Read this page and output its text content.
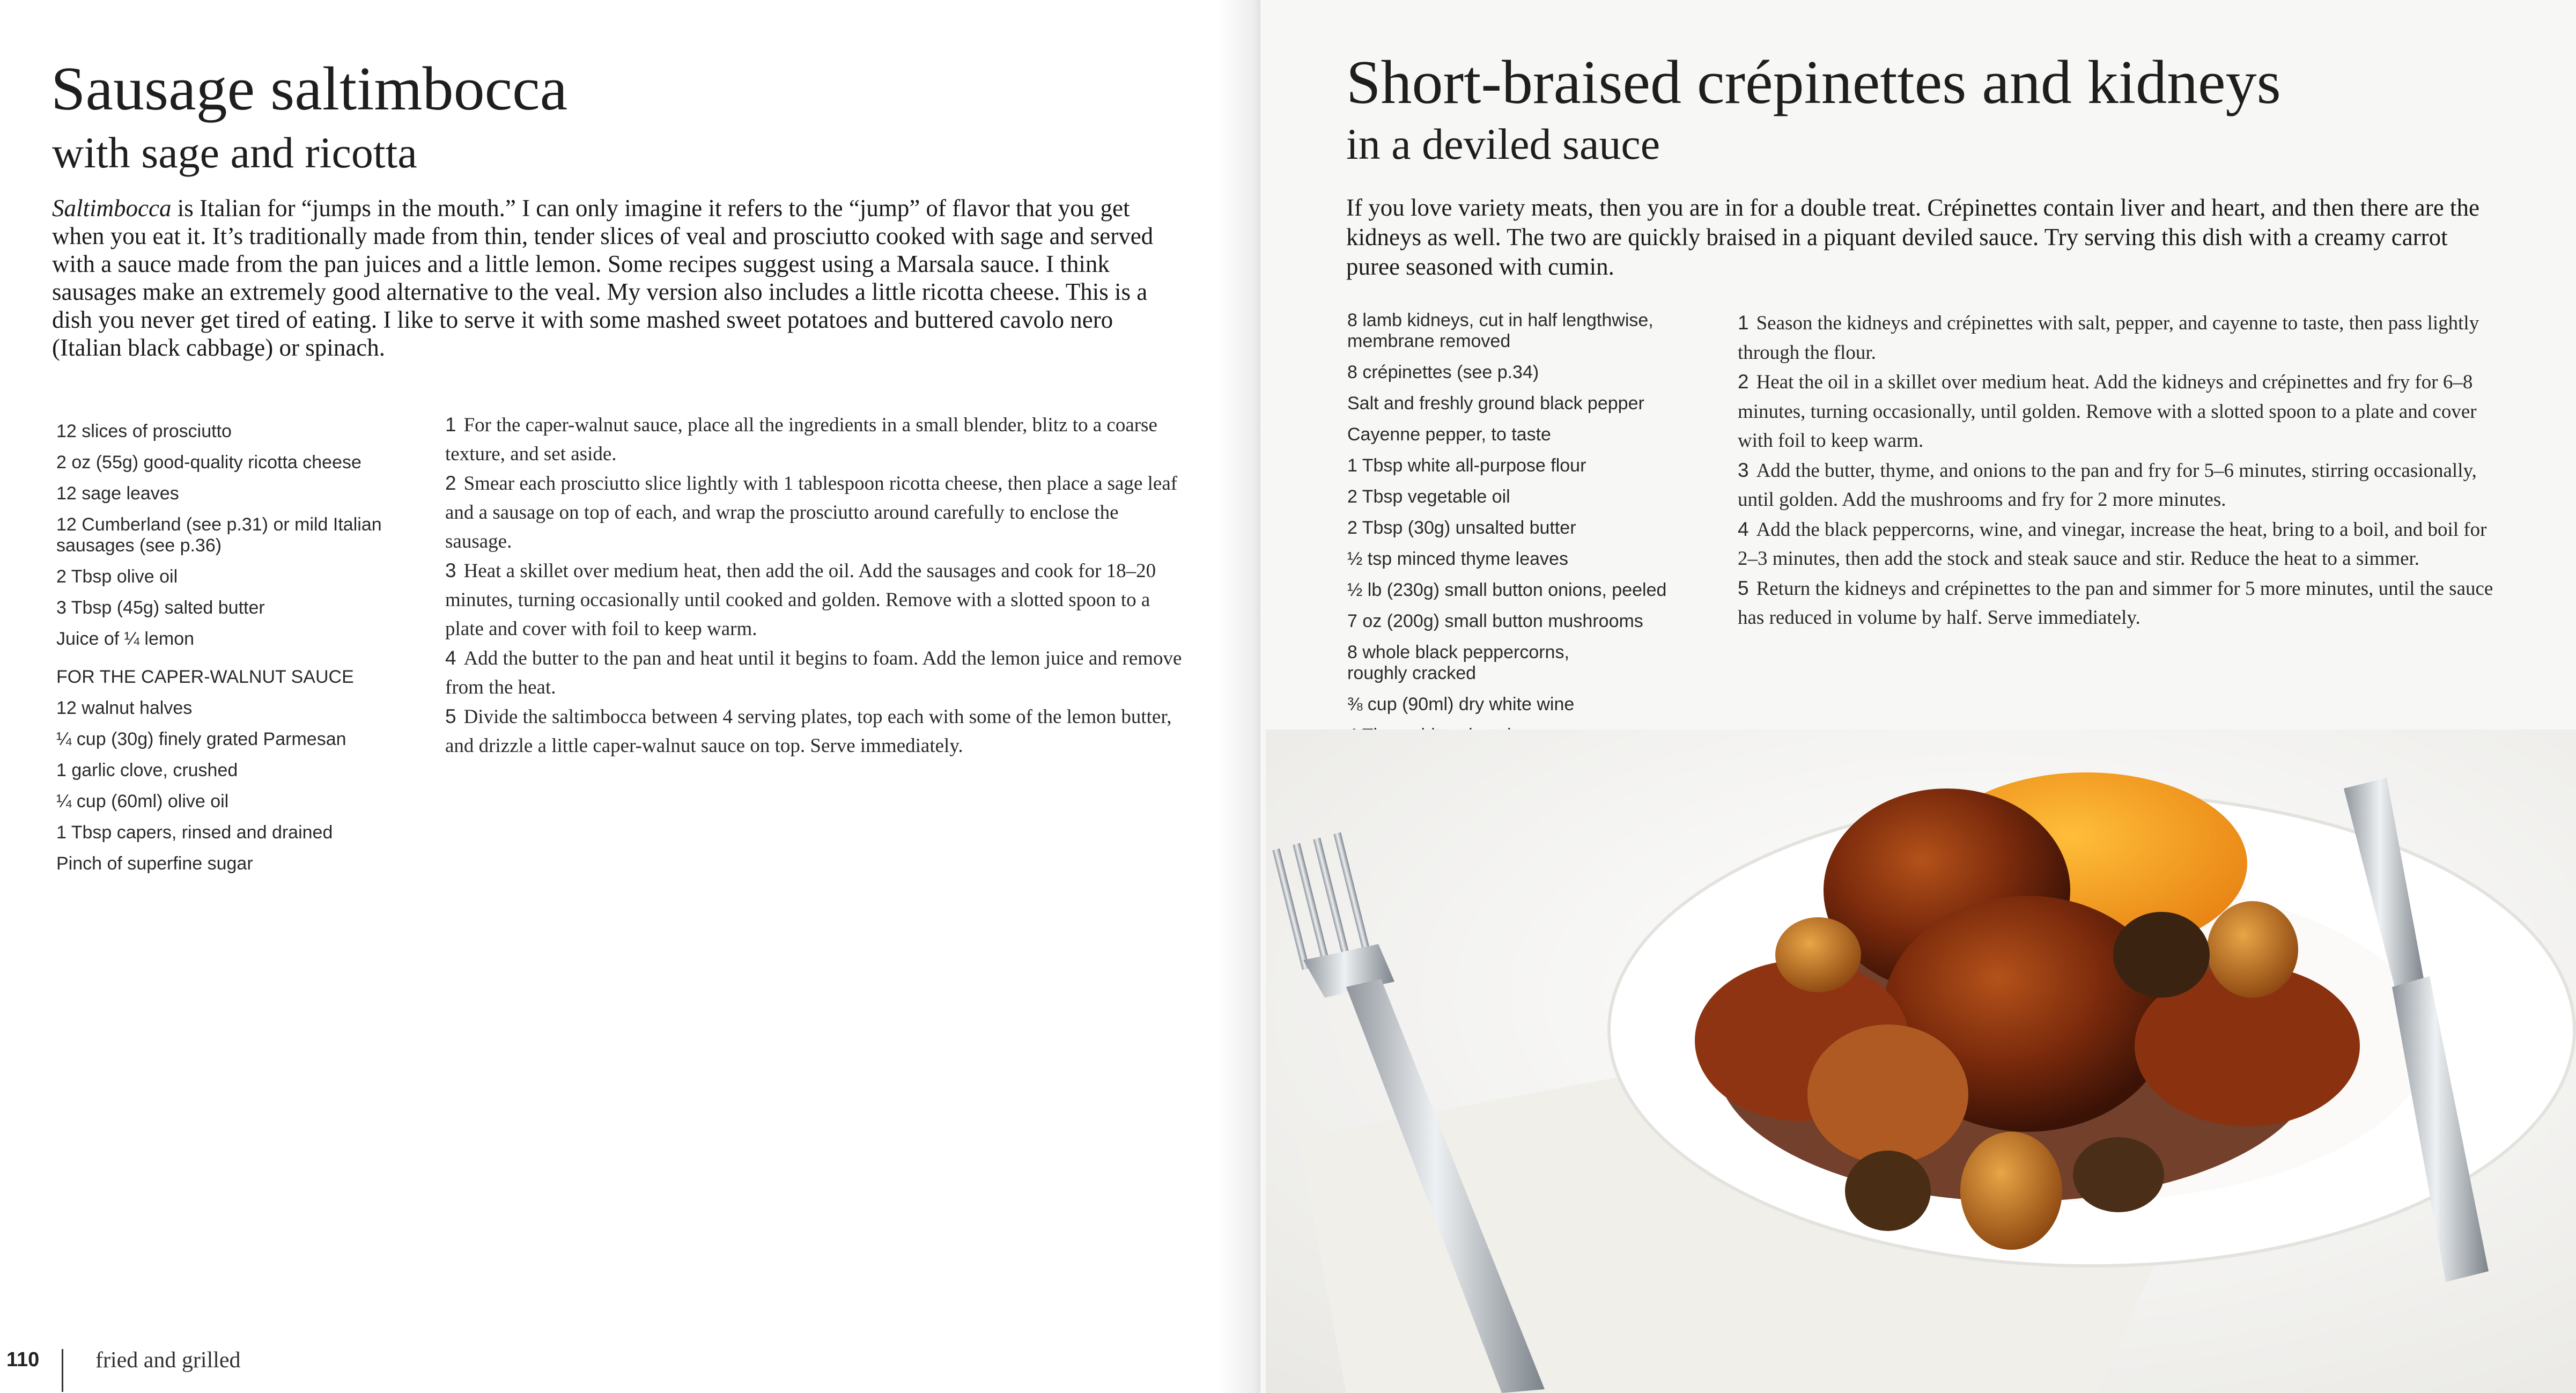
Sausage saltimbocca
with sage and ricotta

Saltimbocca is Italian for “jumps in the mouth.” I can only imagine it refers to the “jump” of flavor that you get when you eat it. It’s traditionally made from thin, tender slices of veal and prosciutto cooked with sage and served with a sauce made from the pan juices and a little lemon. Some recipes suggest using a Marsala sauce. I think sausages make an extremely good alternative to the veal. My version also includes a little ricotta cheese. This is a dish you never get tired of eating. I like to serve it with some mashed sweet potatoes and buttered cavolo nero (Italian black cabbage) or spinach.

12 slices of prosciutto
2 oz (55g) good-quality ricotta cheese
12 sage leaves
12 Cumberland (see p.31) or mild Italian sausages (see p.36)
2 Tbsp olive oil
3 Tbsp (45g) salted butter
Juice of ¼ lemon
FOR THE CAPER-WALNUT SAUCE
12 walnut halves
¼ cup (30g) finely grated Parmesan
1 garlic clove, crushed
¼ cup (60ml) olive oil
1 Tbsp capers, rinsed and drained
Pinch of superfine sugar
1 For the caper-walnut sauce, place all the ingredients in a small blender, blitz to a coarse texture, and set aside.
2 Smear each prosciutto slice lightly with 1 tablespoon ricotta cheese, then place a sage leaf and a sausage on top of each, and wrap the prosciutto around carefully to enclose the sausage.
3 Heat a skillet over medium heat, then add the oil. Add the sausages and cook for 18–20 minutes, turning occasionally until cooked and golden. Remove with a slotted spoon to a plate and cover with foil to keep warm.
4 Add the butter to the pan and heat until it begins to foam. Add the lemon juice and remove from the heat.
5 Divide the saltimbocca between 4 serving plates, top each with some of the lemon butter, and drizzle a little caper-walnut sauce on top. Serve immediately.
110 fried and grilled
Short-braised crépinettes and kidneys
in a deviled sauce

If you love variety meats, then you are in for a double treat. Crépinettes contain liver and heart, and then there are the kidneys as well. The two are quickly braised in a piquant deviled sauce. Try serving this dish with a creamy carrot puree seasoned with cumin.

8 lamb kidneys, cut in half lengthwise, membrane removed
8 crépinettes (see p.34)
Salt and freshly ground black pepper
Cayenne pepper, to taste
1 Tbsp white all-purpose flour
2 Tbsp vegetable oil
2 Tbsp (30g) unsalted butter
½ tsp minced thyme leaves
½ lb (230g) small button onions, peeled
7 oz (200g) small button mushrooms
8 whole black peppercorns, roughly cracked
⅜ cup (90ml) dry white wine
1 Season the kidneys and crépinettes with salt, pepper, and cayenne to taste, then pass lightly through the flour.
2 Heat the oil in a skillet over medium heat. Add the kidneys and crépinettes and fry for 6–8 minutes, turning occasionally, until golden. Remove with a slotted spoon to a plate and cover with foil to keep warm.
3 Add the butter, thyme, and onions to the pan and fry for 5–6 minutes, stirring occasionally, until golden. Add the mushrooms and fry for 2 more minutes.
4 Add the black peppercorns, wine, and vinegar, increase the heat, bring to a boil, and boil for 2–3 minutes, then add the stock and steak sauce and stir. Reduce the heat to a simmer.
5 Return the kidneys and crépinettes to the pan and simmer for 5 more minutes, until the sauce has reduced in volume by half. Serve immediately.
